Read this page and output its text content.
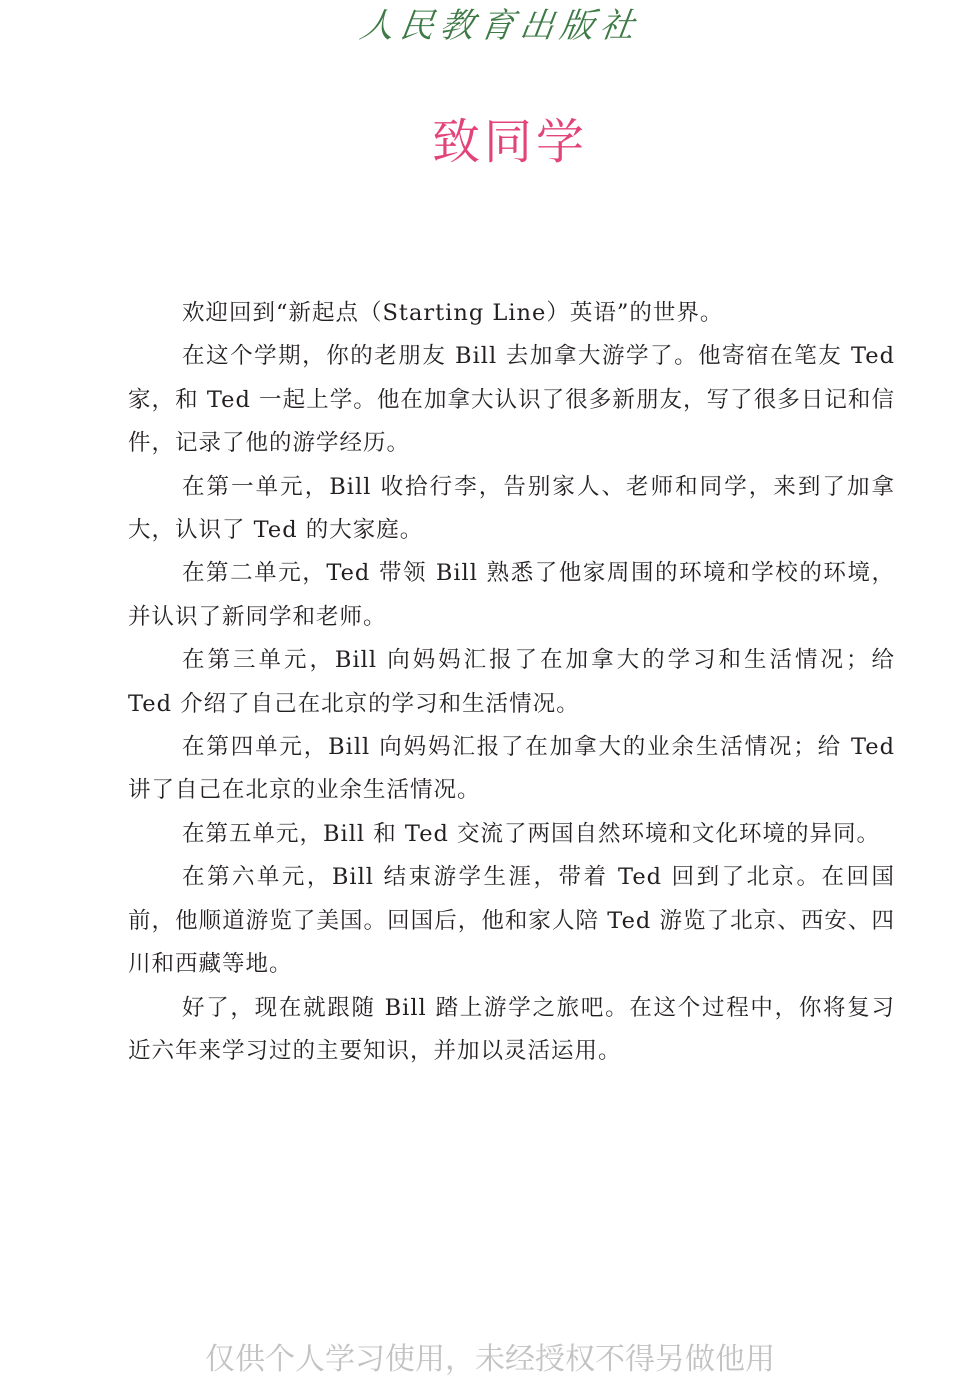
人民教育出版社
致同学

欢迎回到“新起点（Starting Line）英语”的世界。

在这个学期，你的老朋友 Bill 去加拿大游学了。他寄宿在笔友 Ted 家，和 Ted 一起上学。他在加拿大认识了很多新朋友，写了很多日记和信件，记录了他的游学经历。

在第一单元，Bill 收拾行李，告别家人、老师和同学，来到了加拿大，认识了 Ted 的大家庭。

在第二单元，Ted 带领 Bill 熟悉了他家周围的环境和学校的环境，并认识了新同学和老师。

在第三单元，Bill 向妈妈汇报了在加拿大的学习和生活情况；给 Ted 介绍了自己在北京的学习和生活情况。

在第四单元，Bill 向妈妈汇报了在加拿大的业余生活情况；给 Ted 讲了自己在北京的业余生活情况。

在第五单元，Bill 和 Ted 交流了两国自然环境和文化环境的异同。

在第六单元，Bill 结束游学生涯，带着 Ted 回到了北京。在回国前，他顺道游览了美国。回国后，他和家人陪 Ted 游览了北京、西安、四川和西藏等地。

好了，现在就跟随 Bill 踏上游学之旅吧。在这个过程中，你将复习近六年来学习过的主要知识，并加以灵活运用。

仅供个人学习使用，未经授权不得另做他用
